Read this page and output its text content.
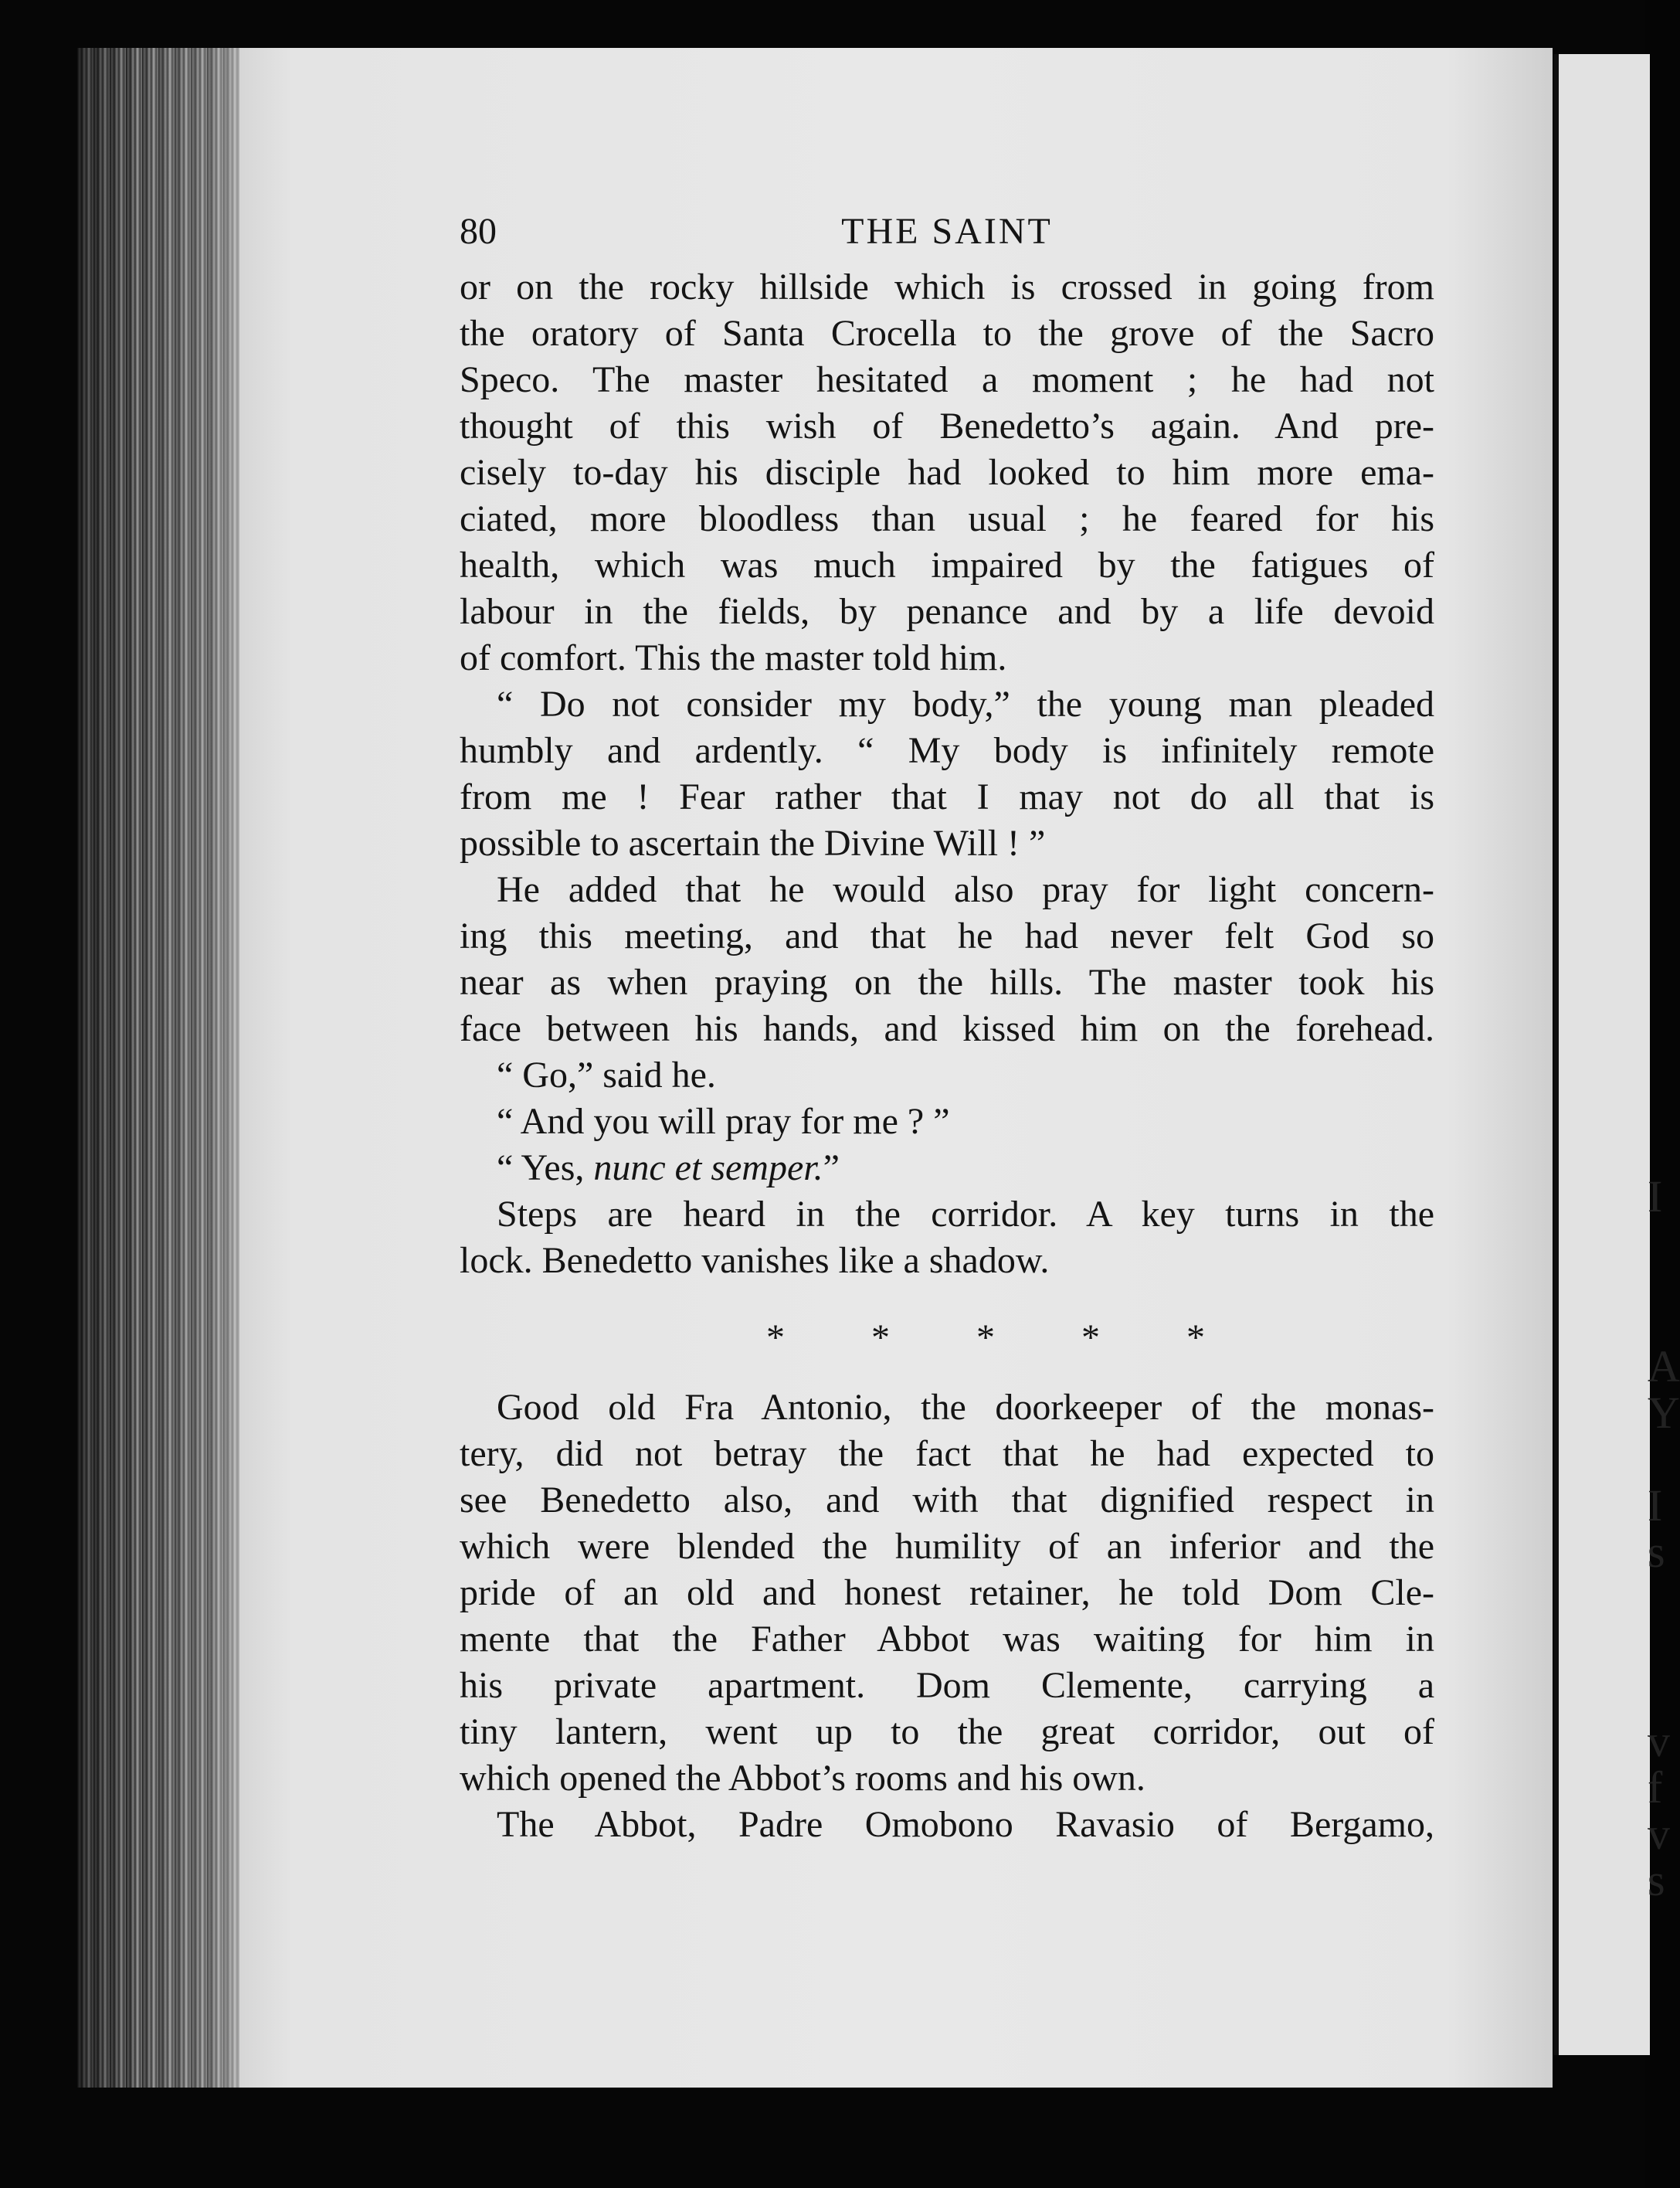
I
A
Y
I
s
v
f
v
s
80	THE SAINT
or on the rocky hillside which is crossed in going from
the oratory of Santa Crocella to the grove of the Sacro
Speco. The master hesitated a moment ; he had not
thought of this wish of Benedetto’s again. And pre-
cisely to-day his disciple had looked to him more ema-
ciated, more bloodless than usual ; he feared for his
health, which was much impaired by the fatigues of
labour in the fields, by penance and by a life devoid
of comfort. This the master told him.
“ Do not consider my body,” the young man pleaded
humbly and ardently. “ My body is infinitely remote
from me ! Fear rather that I may not do all that is
possible to ascertain the Divine Will ! ”
He added that he would also pray for light concern-
ing this meeting, and that he had never felt God so
near as when praying on the hills. The master took his
face between his hands, and kissed him on the forehead.
“ Go,” said he.
“ And you will pray for me ? ”
“ Yes, nunc et semper.”
Steps are heard in the corridor. A key turns in the
lock. Benedetto vanishes like a shadow.
* * * * *
Good old Fra Antonio, the doorkeeper of the monas-
tery, did not betray the fact that he had expected to
see Benedetto also, and with that dignified respect in
which were blended the humility of an inferior and the
pride of an old and honest retainer, he told Dom Cle-
mente that the Father Abbot was waiting for him in
his private apartment. Dom Clemente, carrying a
tiny lantern, went up to the great corridor, out of
which opened the Abbot’s rooms and his own.
The Abbot, Padre Omobono Ravasio of Bergamo,
